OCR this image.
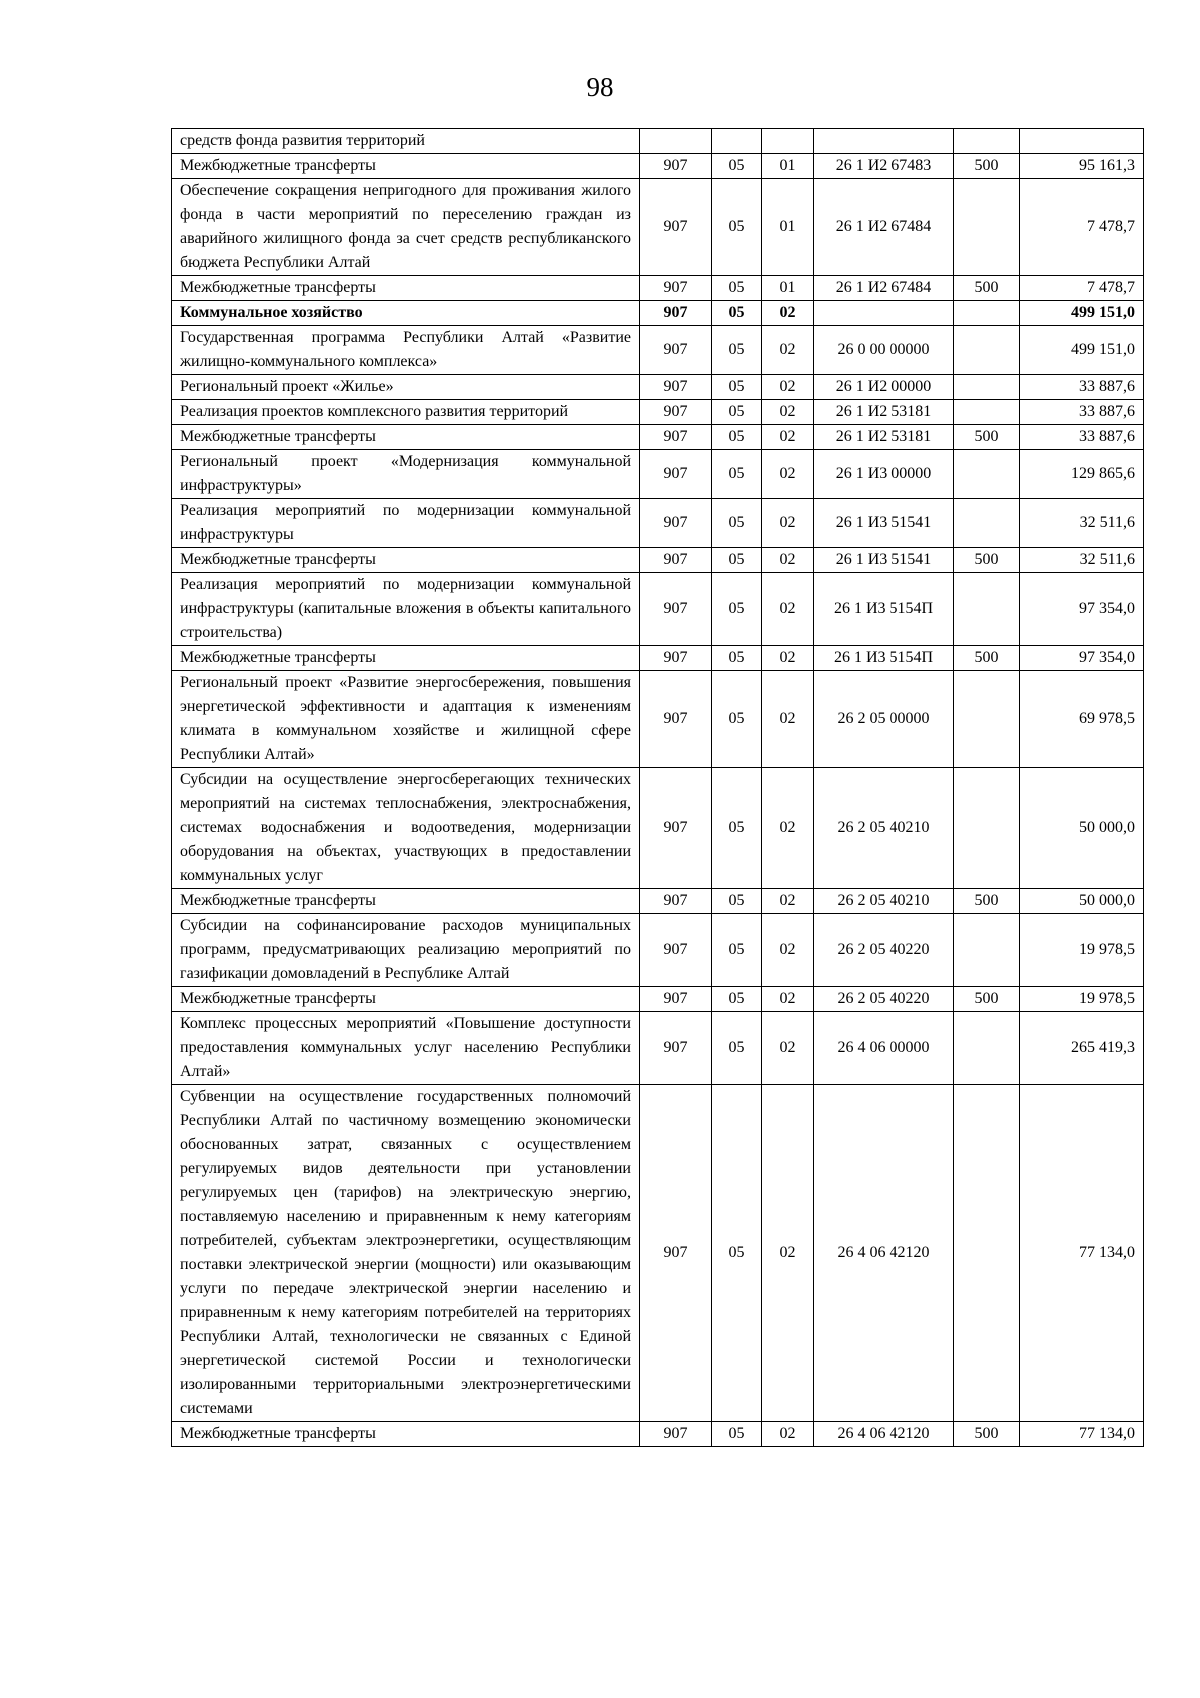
98
средств фонда развития территорий						
Межбюджетные трансферты	907	05	01	26 1 И2 67483	500	95 161,3
Обеспечение сокращения непригодного для проживания жилого фонда в части мероприятий по переселению граждан из аварийного жилищного фонда за счет средств республиканского бюджета Республики Алтай	907	05	01	26 1 И2 67484		7 478,7
Межбюджетные трансферты	907	05	01	26 1 И2 67484	500	7 478,7
Коммунальное хозяйство	907	05	02			499 151,0
Государственная программа Республики Алтай «Развитие жилищно-коммунального комплекса»	907	05	02	26 0 00 00000		499 151,0
Региональный проект «Жилье»	907	05	02	26 1 И2 00000		33 887,6
Реализация проектов комплексного развития территорий	907	05	02	26 1 И2 53181		33 887,6
Межбюджетные трансферты	907	05	02	26 1 И2 53181	500	33 887,6
Региональный проект «Модернизация коммунальной инфраструктуры»	907	05	02	26 1 И3 00000		129 865,6
Реализация мероприятий по модернизации коммунальной инфраструктуры	907	05	02	26 1 И3 51541		32 511,6
Межбюджетные трансферты	907	05	02	26 1 И3 51541	500	32 511,6
Реализация мероприятий по модернизации коммунальной инфраструктуры (капитальные вложения в объекты капитального строительства)	907	05	02	26 1 И3 5154П		97 354,0
Межбюджетные трансферты	907	05	02	26 1 И3 5154П	500	97 354,0
Региональный проект «Развитие энергосбережения, повышения энергетической эффективности и адаптация к изменениям климата в коммунальном хозяйстве и жилищной сфере Республики Алтай»	907	05	02	26 2 05 00000		69 978,5
Субсидии на осуществление энергосберегающих технических мероприятий на системах теплоснабжения, электроснабжения, системах водоснабжения и водоотведения, модернизации оборудования на объектах, участвующих в предоставлении коммунальных услуг	907	05	02	26 2 05 40210		50 000,0
Межбюджетные трансферты	907	05	02	26 2 05 40210	500	50 000,0
Субсидии на софинансирование расходов муниципальных программ, предусматривающих реализацию мероприятий по газификации домовладений в Республике Алтай	907	05	02	26 2 05 40220		19 978,5
Межбюджетные трансферты	907	05	02	26 2 05 40220	500	19 978,5
Комплекс процессных мероприятий «Повышение доступности предоставления коммунальных услуг населению Республики Алтай»	907	05	02	26 4 06 00000		265 419,3
Субвенции на осуществление государственных полномочий Республики Алтай по частичному возмещению экономически обоснованных затрат, связанных с осуществлением регулируемых видов деятельности при установлении регулируемых цен (тарифов) на электрическую энергию, поставляемую населению и приравненным к нему категориям потребителей, субъектам электроэнергетики, осуществляющим поставки электрической энергии (мощности) или оказывающим услуги по передаче электрической энергии населению и приравненным к нему категориям потребителей на территориях Республики Алтай, технологически не связанных с Единой энергетической системой России и технологически изолированными территориальными электроэнергетическими системами	907	05	02	26 4 06 42120		77 134,0
Межбюджетные трансферты	907	05	02	26 4 06 42120	500	77 134,0
